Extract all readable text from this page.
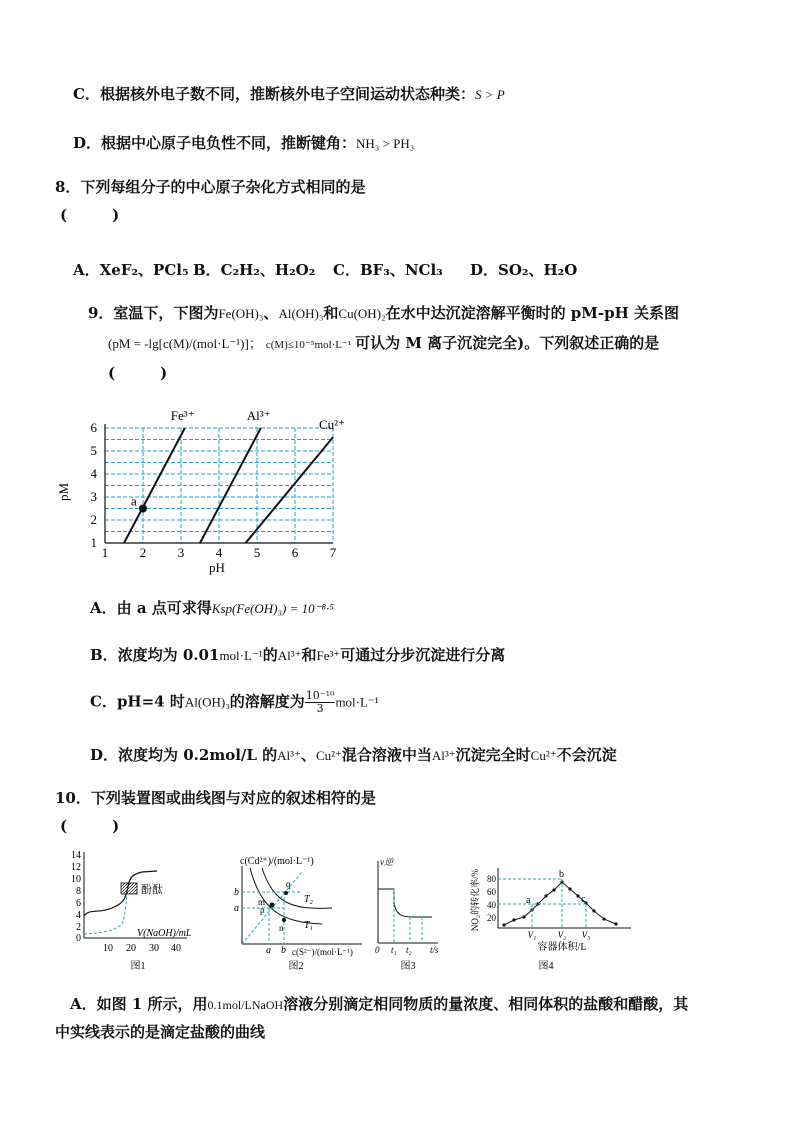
C．根据核外电子数不同，推断核外电子空间运动状态种类：S > P
D．根据中心原子电负性不同，推断键角：NH₃ > PH₃
8．下列每组分子的中心原子杂化方式相同的是
(　　　)
A．XeF₂、PCl₅ B．C₂H₂、H₂O₂ C．BF₃、NCl₃ D．SO₂、H₂O
9．室温下，下图为Fe(OH)₃、Al(OH)₃和Cu(OH)₂在水中达沉淀溶解平衡时的 pM-pH 关系图
(pM = -lg[c(M)/(mol·L⁻¹)]； c(M)≤10⁻⁵mol·L⁻¹ 可认为 M 离子沉淀完全)。下列叙述正确的是
(　　　)
Fe³⁺	Al³⁺
Cu²⁺
a
1 2 3 4 5 6 7
1
2
3
4
5
6
pM
pH
A．由 a 点可求得Ksp(Fe(OH)₃) = 10⁻⁸·⁵
B．浓度均为 0.01mol·L⁻¹的Al³⁺和Fe³⁺可通过分步沉淀进行分离
C．pH=4 时Al(OH)₃的溶解度为 $\frac{\text{10⁻¹⁰}}{3} mol\cdot L^{-1}$
D．浓度均为 0.2mol/L 的Al³⁺、Cu²⁺混合溶液中当Al³⁺沉淀完全时Cu²⁺不会沉淀
10．下列装置图或曲线图与对应的叙述相符的是
(　　　)
14
12
10
8
6
4
2
0
10 20 30 40
酚酞
V(NaOH)/mL
图1
c(Cd²⁺)/(mol·L⁻¹)
c(S²⁻)/(mol·L⁻¹)
b
a
a b
T₂
T₁
q
m
p
n
图2
v逆
0 t₁ t₂ t/s
图3
NO₂的转化率/% 80
60
40
20
a
b
c
V₁ V₂ V₃
容器体积/L
图4
A．如图 1 所示，用0.1mol/LNaOH溶液分别滴定相同物质的量浓度、相同体积的盐酸和醋酸，其
中实线表示的是滴定盐酸的曲线
